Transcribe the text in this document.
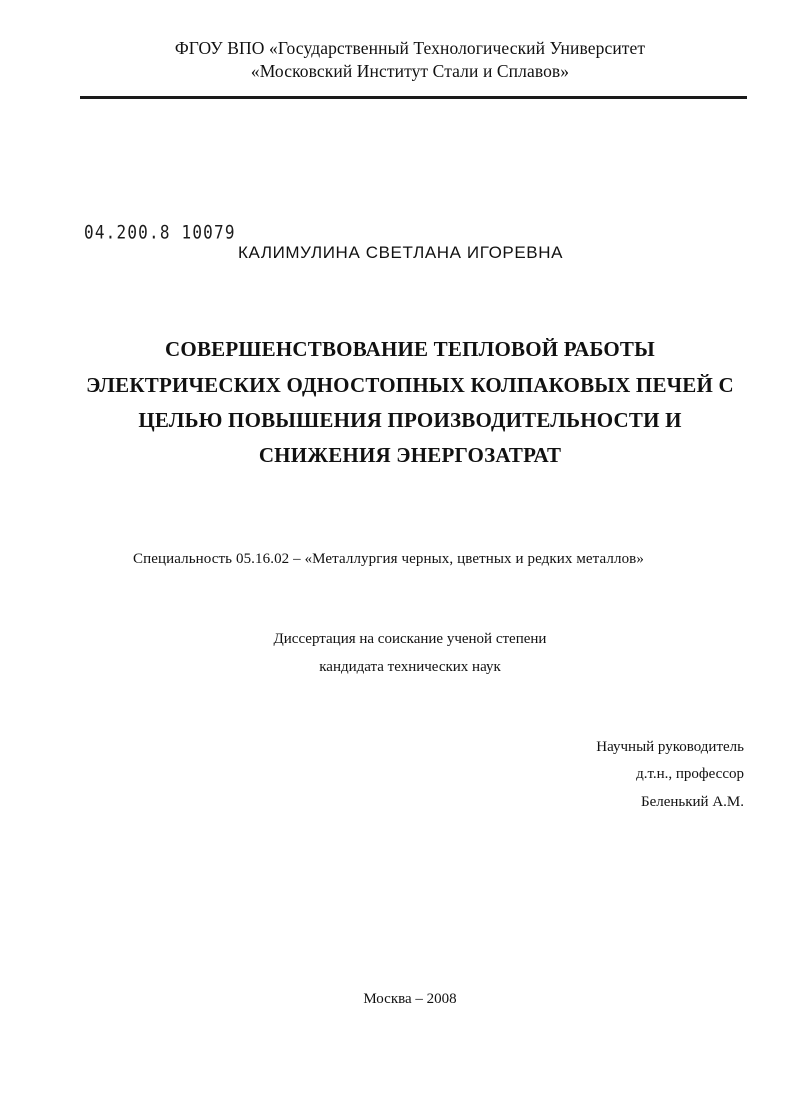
ФГОУ ВПО «Государственный Технологический Университет
«Московский Институт Стали и Сплавов»
04.200.8 10079
КАЛИМУЛИНА СВЕТЛАНА ИГОРЕВНА
СОВЕРШЕНСТВОВАНИЕ ТЕПЛОВОЙ РАБОТЫ
ЭЛЕКТРИЧЕСКИХ ОДНОСТОПНЫХ КОЛПАКОВЫХ ПЕЧЕЙ С
ЦЕЛЬЮ ПОВЫШЕНИЯ ПРОИЗВОДИТЕЛЬНОСТИ И
СНИЖЕНИЯ ЭНЕРГОЗАТРАТ
Специальность 05.16.02 – «Металлургия черных, цветных и редких металлов»
Диссертация на соискание ученой степени
кандидата технических наук
Научный руководитель
д.т.н., профессор
Беленький А.М.
Москва – 2008
